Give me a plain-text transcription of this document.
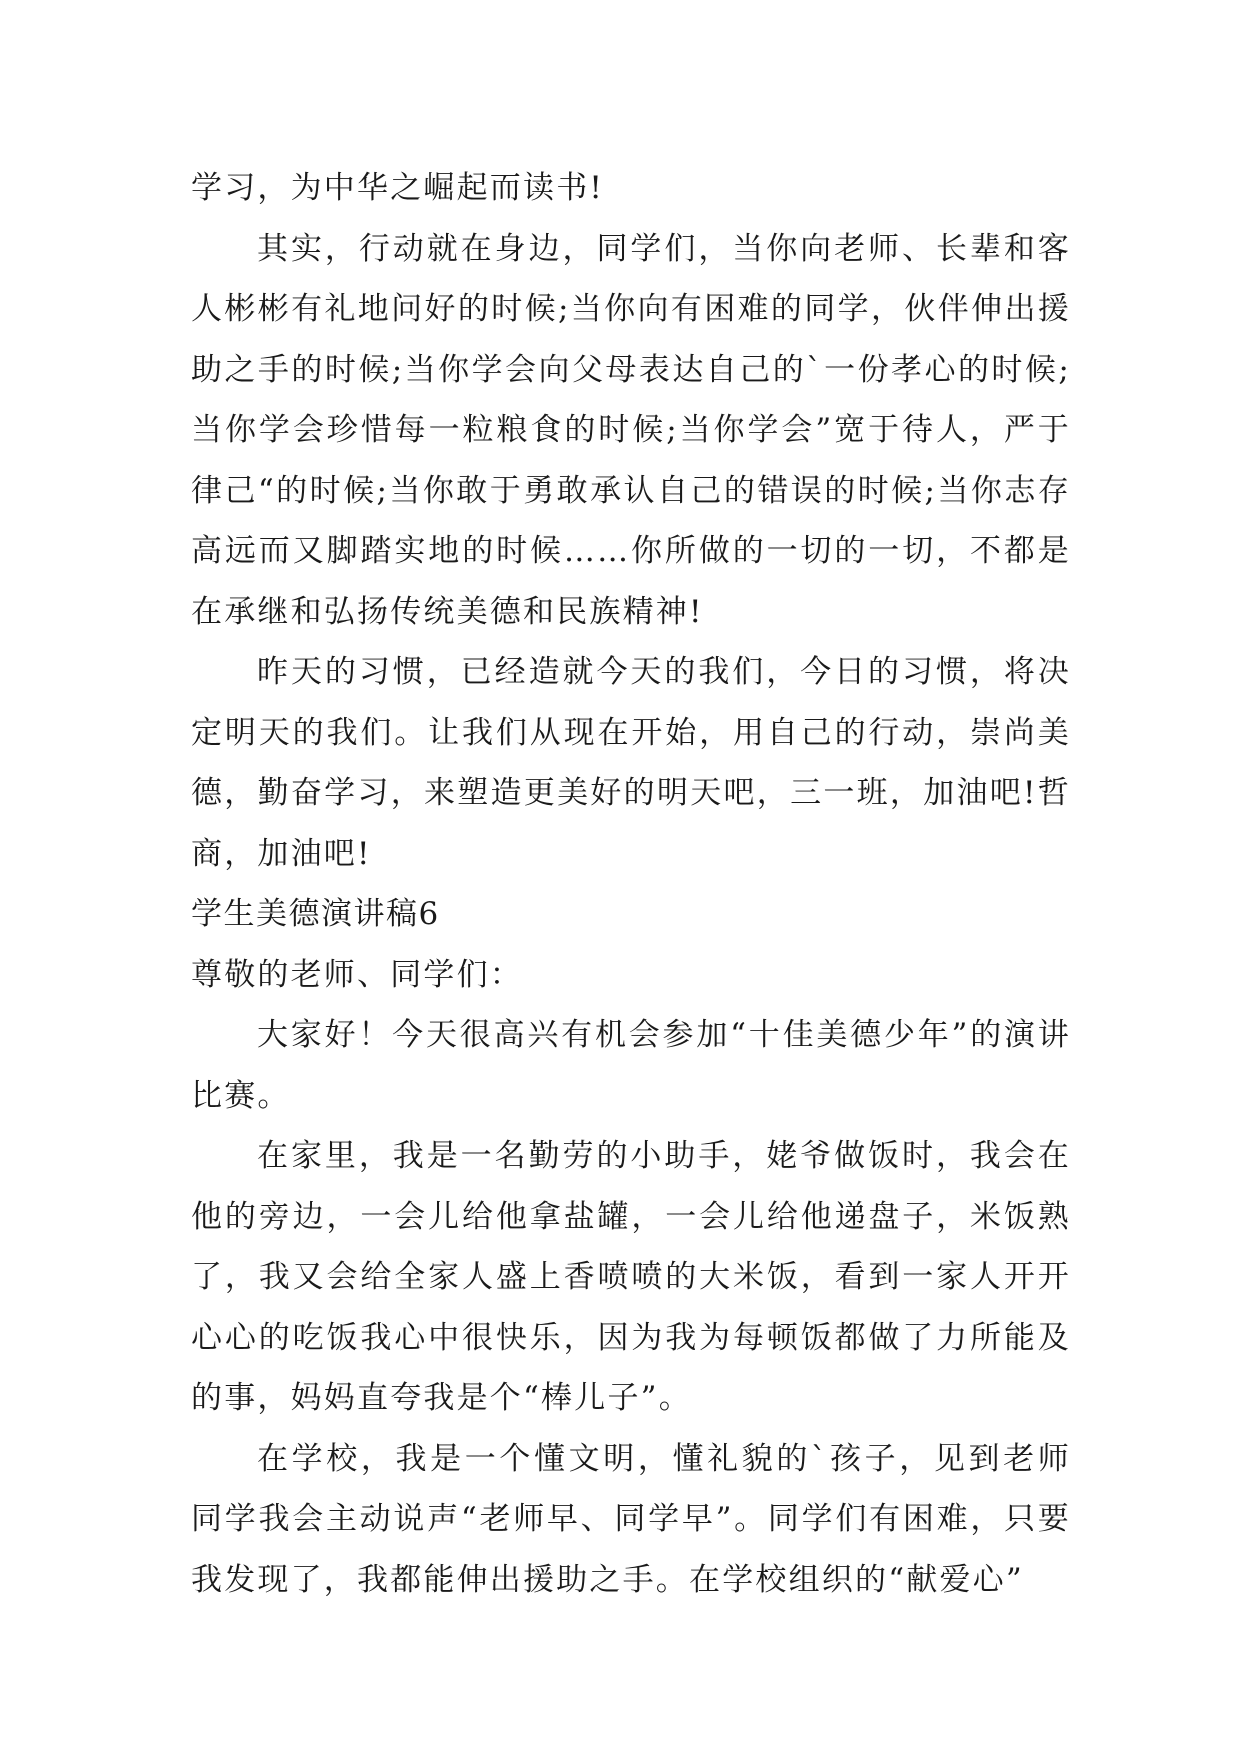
学习，为中华之崛起而读书!

其实，行动就在身边，同学们，当你向老师、长辈和客人彬彬有礼地问好的时候;当你向有困难的同学，伙伴伸出援助之手的时候;当你学会向父母表达自己的`一份孝心的时候;当你学会珍惜每一粒粮食的时候;当你学会”宽于待人，严于律己“的时候;当你敢于勇敢承认自己的错误的时候;当你志存高远而又脚踏实地的时候……你所做的一切的一切，不都是在承继和弘扬传统美德和民族精神!

昨天的习惯，已经造就今天的我们，今日的习惯，将决定明天的我们。让我们从现在开始，用自己的行动，崇尚美德，勤奋学习，来塑造更美好的明天吧，三一班，加油吧!哲商，加油吧!

学生美德演讲稿6

尊敬的老师、同学们：

大家好！今天很高兴有机会参加“十佳美德少年”的演讲比赛。

在家里，我是一名勤劳的小助手，姥爷做饭时，我会在他的旁边，一会儿给他拿盐罐，一会儿给他递盘子，米饭熟了，我又会给全家人盛上香喷喷的大米饭，看到一家人开开心心的吃饭我心中很快乐，因为我为每顿饭都做了力所能及的事，妈妈直夸我是个“棒儿子”。

在学校，我是一个懂文明，懂礼貌的`孩子，见到老师同学我会主动说声“老师早、同学早”。同学们有困难，只要我发现了，我都能伸出援助之手。在学校组织的“献爱心”
